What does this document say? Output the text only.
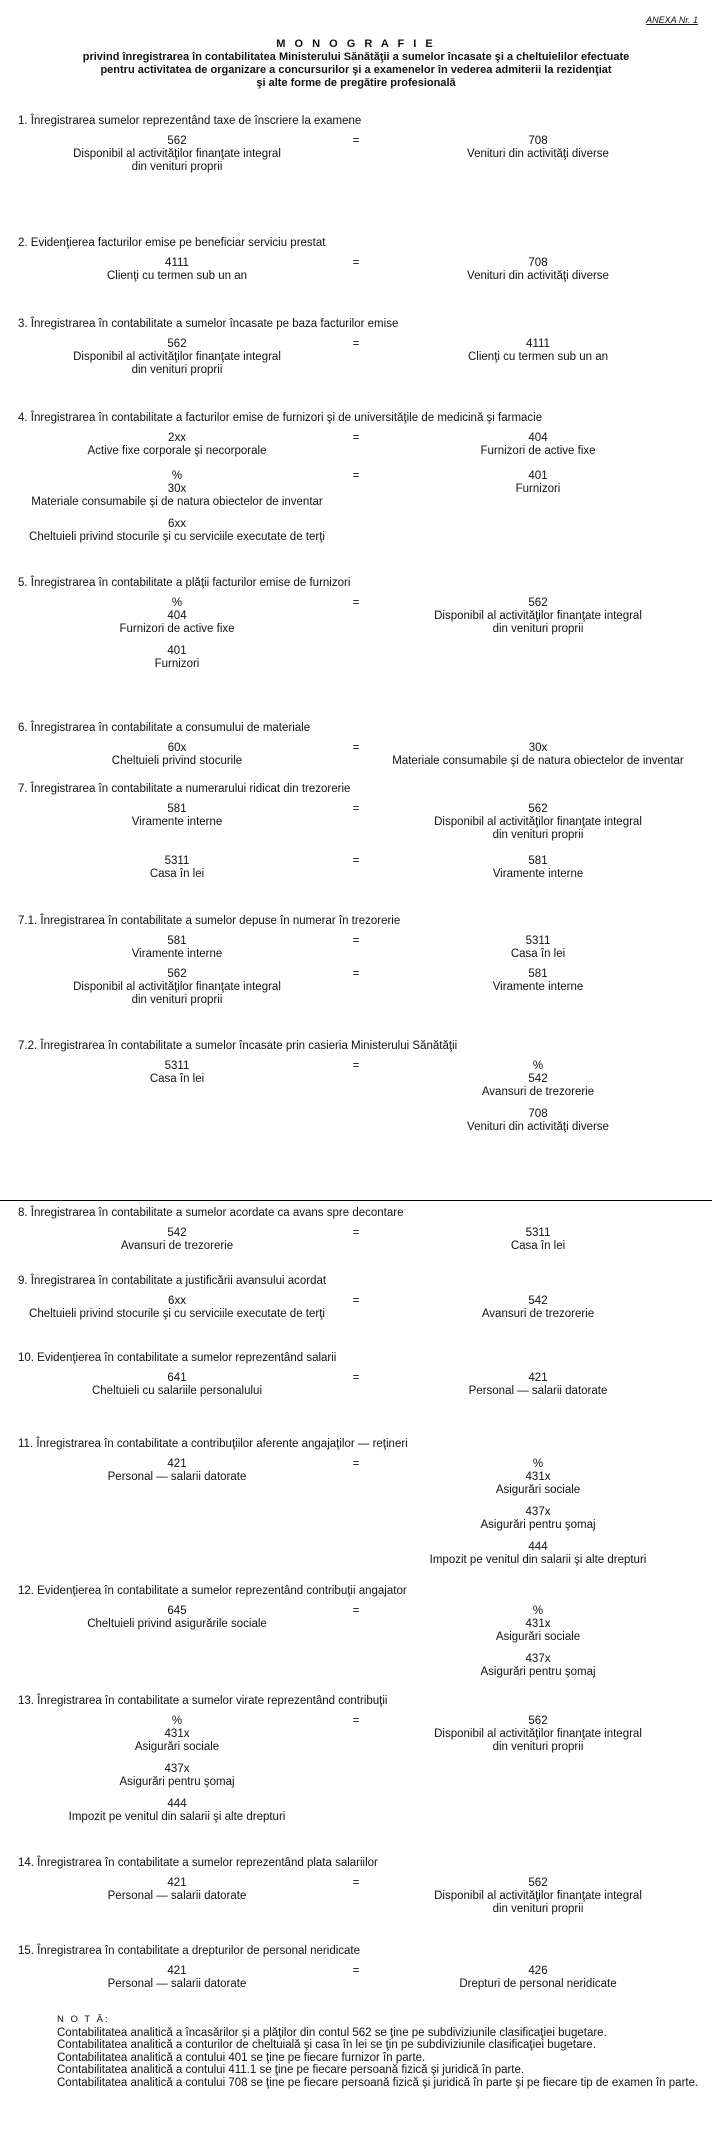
ANEXA Nr. 1
M O N O G R A F I E
privind înregistrarea în contabilitatea Ministerului Sănătăţii a sumelor încasate şi a cheltuielilor efectuate
pentru activitatea de organizare a concursurilor şi a examenelor în vederea admiterii la rezidenţiat
şi alte forme de pregătire profesională
1. Înregistrarea sumelor reprezentând taxe de înscriere la examene
562
Disponibil al activităţilor finanţate integral
din venituri proprii
708
Venituri din activităţi diverse
=
2. Evidenţierea facturilor emise pe beneficiar serviciu prestat
4111
Clienţi cu termen sub un an
708
Venituri din activităţi diverse
=
3. Înregistrarea în contabilitate a sumelor încasate pe baza facturilor emise
562
Disponibil al activităţilor finanţate integral
din venituri proprii
4111
Clienţi cu termen sub un an
=
4. Înregistrarea în contabilitate a facturilor emise de furnizori şi de universităţile de medicină şi farmacie
2xx
Active fixe corporale şi necorporale
404
Furnizori de active fixe
=
%
30x
Materiale consumabile şi de natura obiectelor de inventar
6xx
Cheltuieli privind stocurile şi cu serviciile executate de terţi
401
Furnizori
=
5. Înregistrarea în contabilitate a plăţii facturilor emise de furnizori
%
404
Furnizori de active fixe
401
Furnizori
562
Disponibil al activităţilor finanţate integral
din venituri proprii
=
6. Înregistrarea în contabilitate a consumului de materiale
60x
Cheltuieli privind stocurile
30x
Materiale consumabile şi de natura obiectelor de inventar
=
7. Înregistrarea în contabilitate a numerarului ridicat din trezorerie
581
Viramente interne
562
Disponibil al activităţilor finanţate integral
din venituri proprii
=
5311
Casa în lei
581
Viramente interne
=
7.1. Înregistrarea în contabilitate a sumelor depuse în numerar în trezorerie
581
Viramente interne
5311
Casa în lei
=
562
Disponibil al activităţilor finanţate integral
din venituri proprii
581
Viramente interne
=
7.2. Înregistrarea în contabilitate a sumelor încasate prin casieria Ministerului Sănătăţii
5311
Casa în lei
%
542
Avansuri de trezorerie
708
Venituri din activităţi diverse
=
8. Înregistrarea în contabilitate a sumelor acordate ca avans spre decontare
542
Avansuri de trezorerie
5311
Casa în lei
=
9. Înregistrarea în contabilitate a justificării avansului acordat
6xx
Cheltuieli privind stocurile şi cu serviciile executate de terţi
542
Avansuri de trezorerie
=
10. Evidenţierea în contabilitate a sumelor reprezentând salarii
641
Cheltuieli cu salariile personalului
421
Personal — salarii datorate
=
11. Înregistrarea în contabilitate a contribuţiilor aferente angajaţilor — reţineri
421
Personal — salarii datorate
%
431x
Asigurări sociale
437x
Asigurări pentru şomaj
444
Impozit pe venitul din salarii şi alte drepturi
=
12. Evidenţierea în contabilitate a sumelor reprezentând contribuţii angajator
645
Cheltuieli privind asigurările sociale
%
431x
Asigurări sociale
437x
Asigurări pentru şomaj
=
13. Înregistrarea în contabilitate a sumelor virate reprezentând contribuţii
%
431x
Asigurări sociale
437x
Asigurări pentru şomaj
444
Impozit pe venitul din salarii şi alte drepturi
562
Disponibil al activităţilor finanţate integral
din venituri proprii
=
14. Înregistrarea în contabilitate a sumelor reprezentând plata salariilor
421
Personal — salarii datorate
562
Disponibil al activităţilor finanţate integral
din venituri proprii
=
15. Înregistrarea în contabilitate a drepturilor de personal neridicate
421
Personal — salarii datorate
426
Drepturi de personal neridicate
=
N O T Ă:
Contabilitatea analitică a încasărilor şi a plăţilor din contul 562 se ţine pe subdiviziunile clasificaţiei bugetare.
Contabilitatea analitică a conturilor de cheltuială şi casa în lei se ţin pe subdiviziunile clasificaţiei bugetare.
Contabilitatea analitică a contului 401 se ţine pe fiecare furnizor în parte.
Contabilitatea analitică a contului 411.1 se ţine pe fiecare persoană fizică şi juridică în parte.
Contabilitatea analitică a contului 708 se ţine pe fiecare persoană fizică şi juridică în parte şi pe fiecare tip de examen în parte.
